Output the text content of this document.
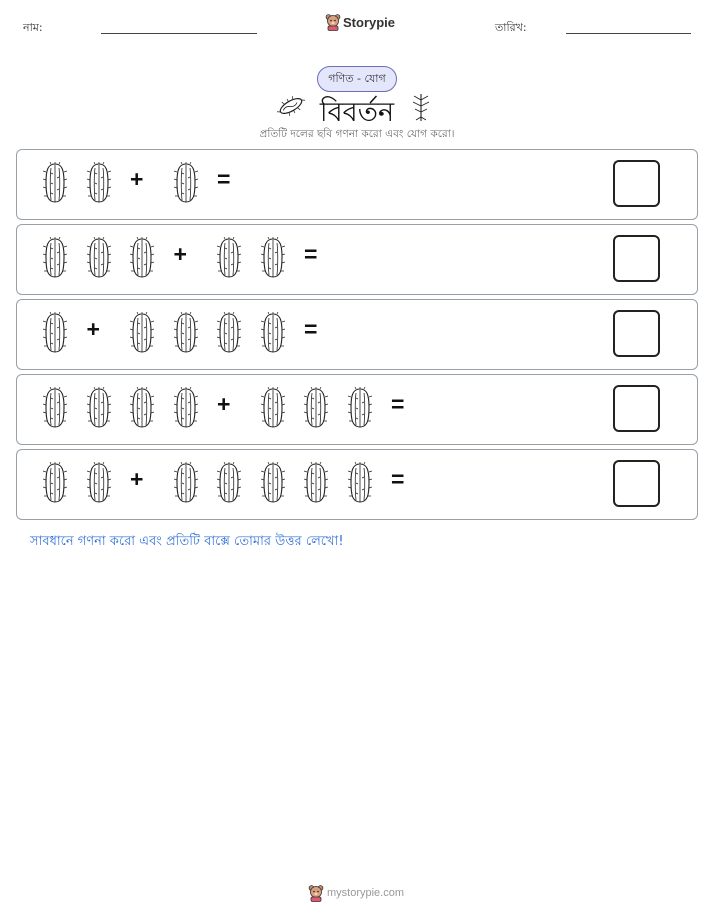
নাম:	Storypie	তারিখ:
গণিত - যোগ
বিবর্তন
প্রতিটি দলের ছবি গণনা করো এবং যোগ করো।
+	=
+	=
+	=
+	=
+	=
সাবধানে গণনা করো এবং প্রতিটি বাক্সে তোমার উত্তর লেখো!
mystorypie.com
